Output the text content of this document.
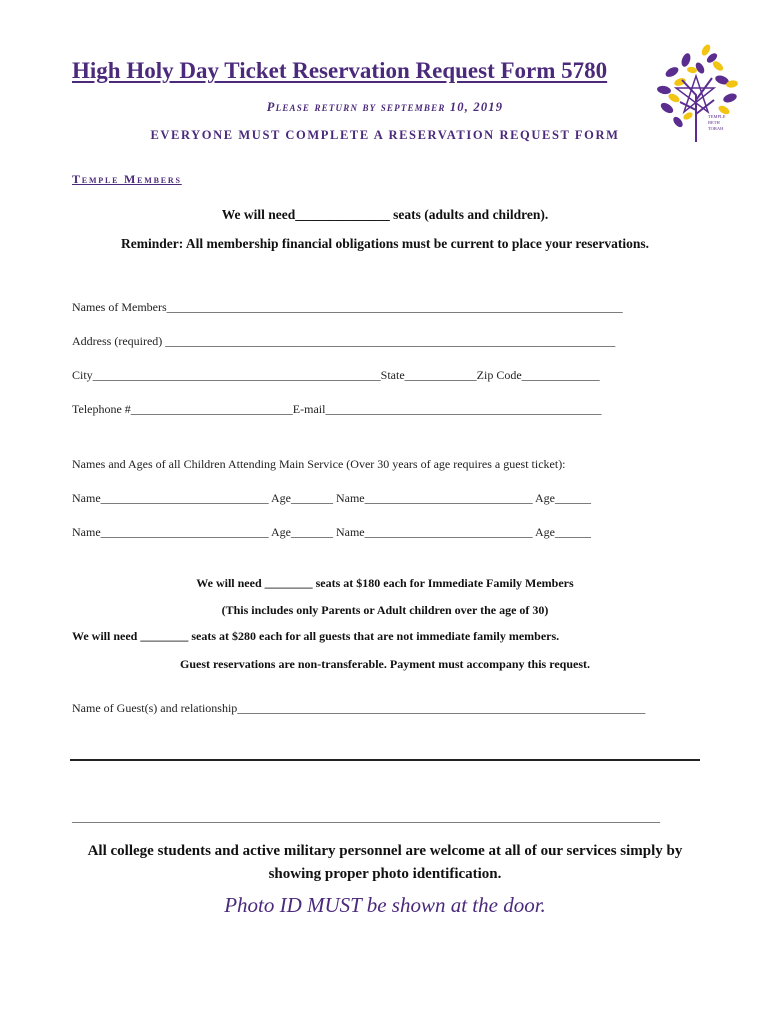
High Holy Day Ticket Reservation Request Form 5780
Please return by september 10, 2019
EVERYONE MUST COMPLETE A RESERVATION REQUEST FORM
TEMPLE
BETH
TORAH
Temple Members
We will need______________ seats (adults and children).
Reminder: All membership financial obligations must be current to place your reservations.
Names of Members____________________________________________________________________________
Address (required) ___________________________________________________________________________
City________________________________________________State____________Zip Code_____________
Telephone #___________________________E-mail______________________________________________
Names and Ages of all Children Attending Main Service (Over 30 years of age requires a guest ticket):
Name____________________________ Age_______ Name____________________________ Age______
Name____________________________ Age_______ Name____________________________ Age______
We will need ________ seats at $180 each for Immediate Family Members
(This includes only Parents or Adult children over the age of 30)
We will need ________ seats at $280 each for all guests that are not immediate family members.
Guest reservations are non-transferable. Payment must accompany this request.
Name of Guest(s) and relationship____________________________________________________________________
__________________________________________________________________________________________________
All college students and active military personnel are welcome at all of our services simply by showing proper photo identification.
Photo ID MUST be shown at the door.
